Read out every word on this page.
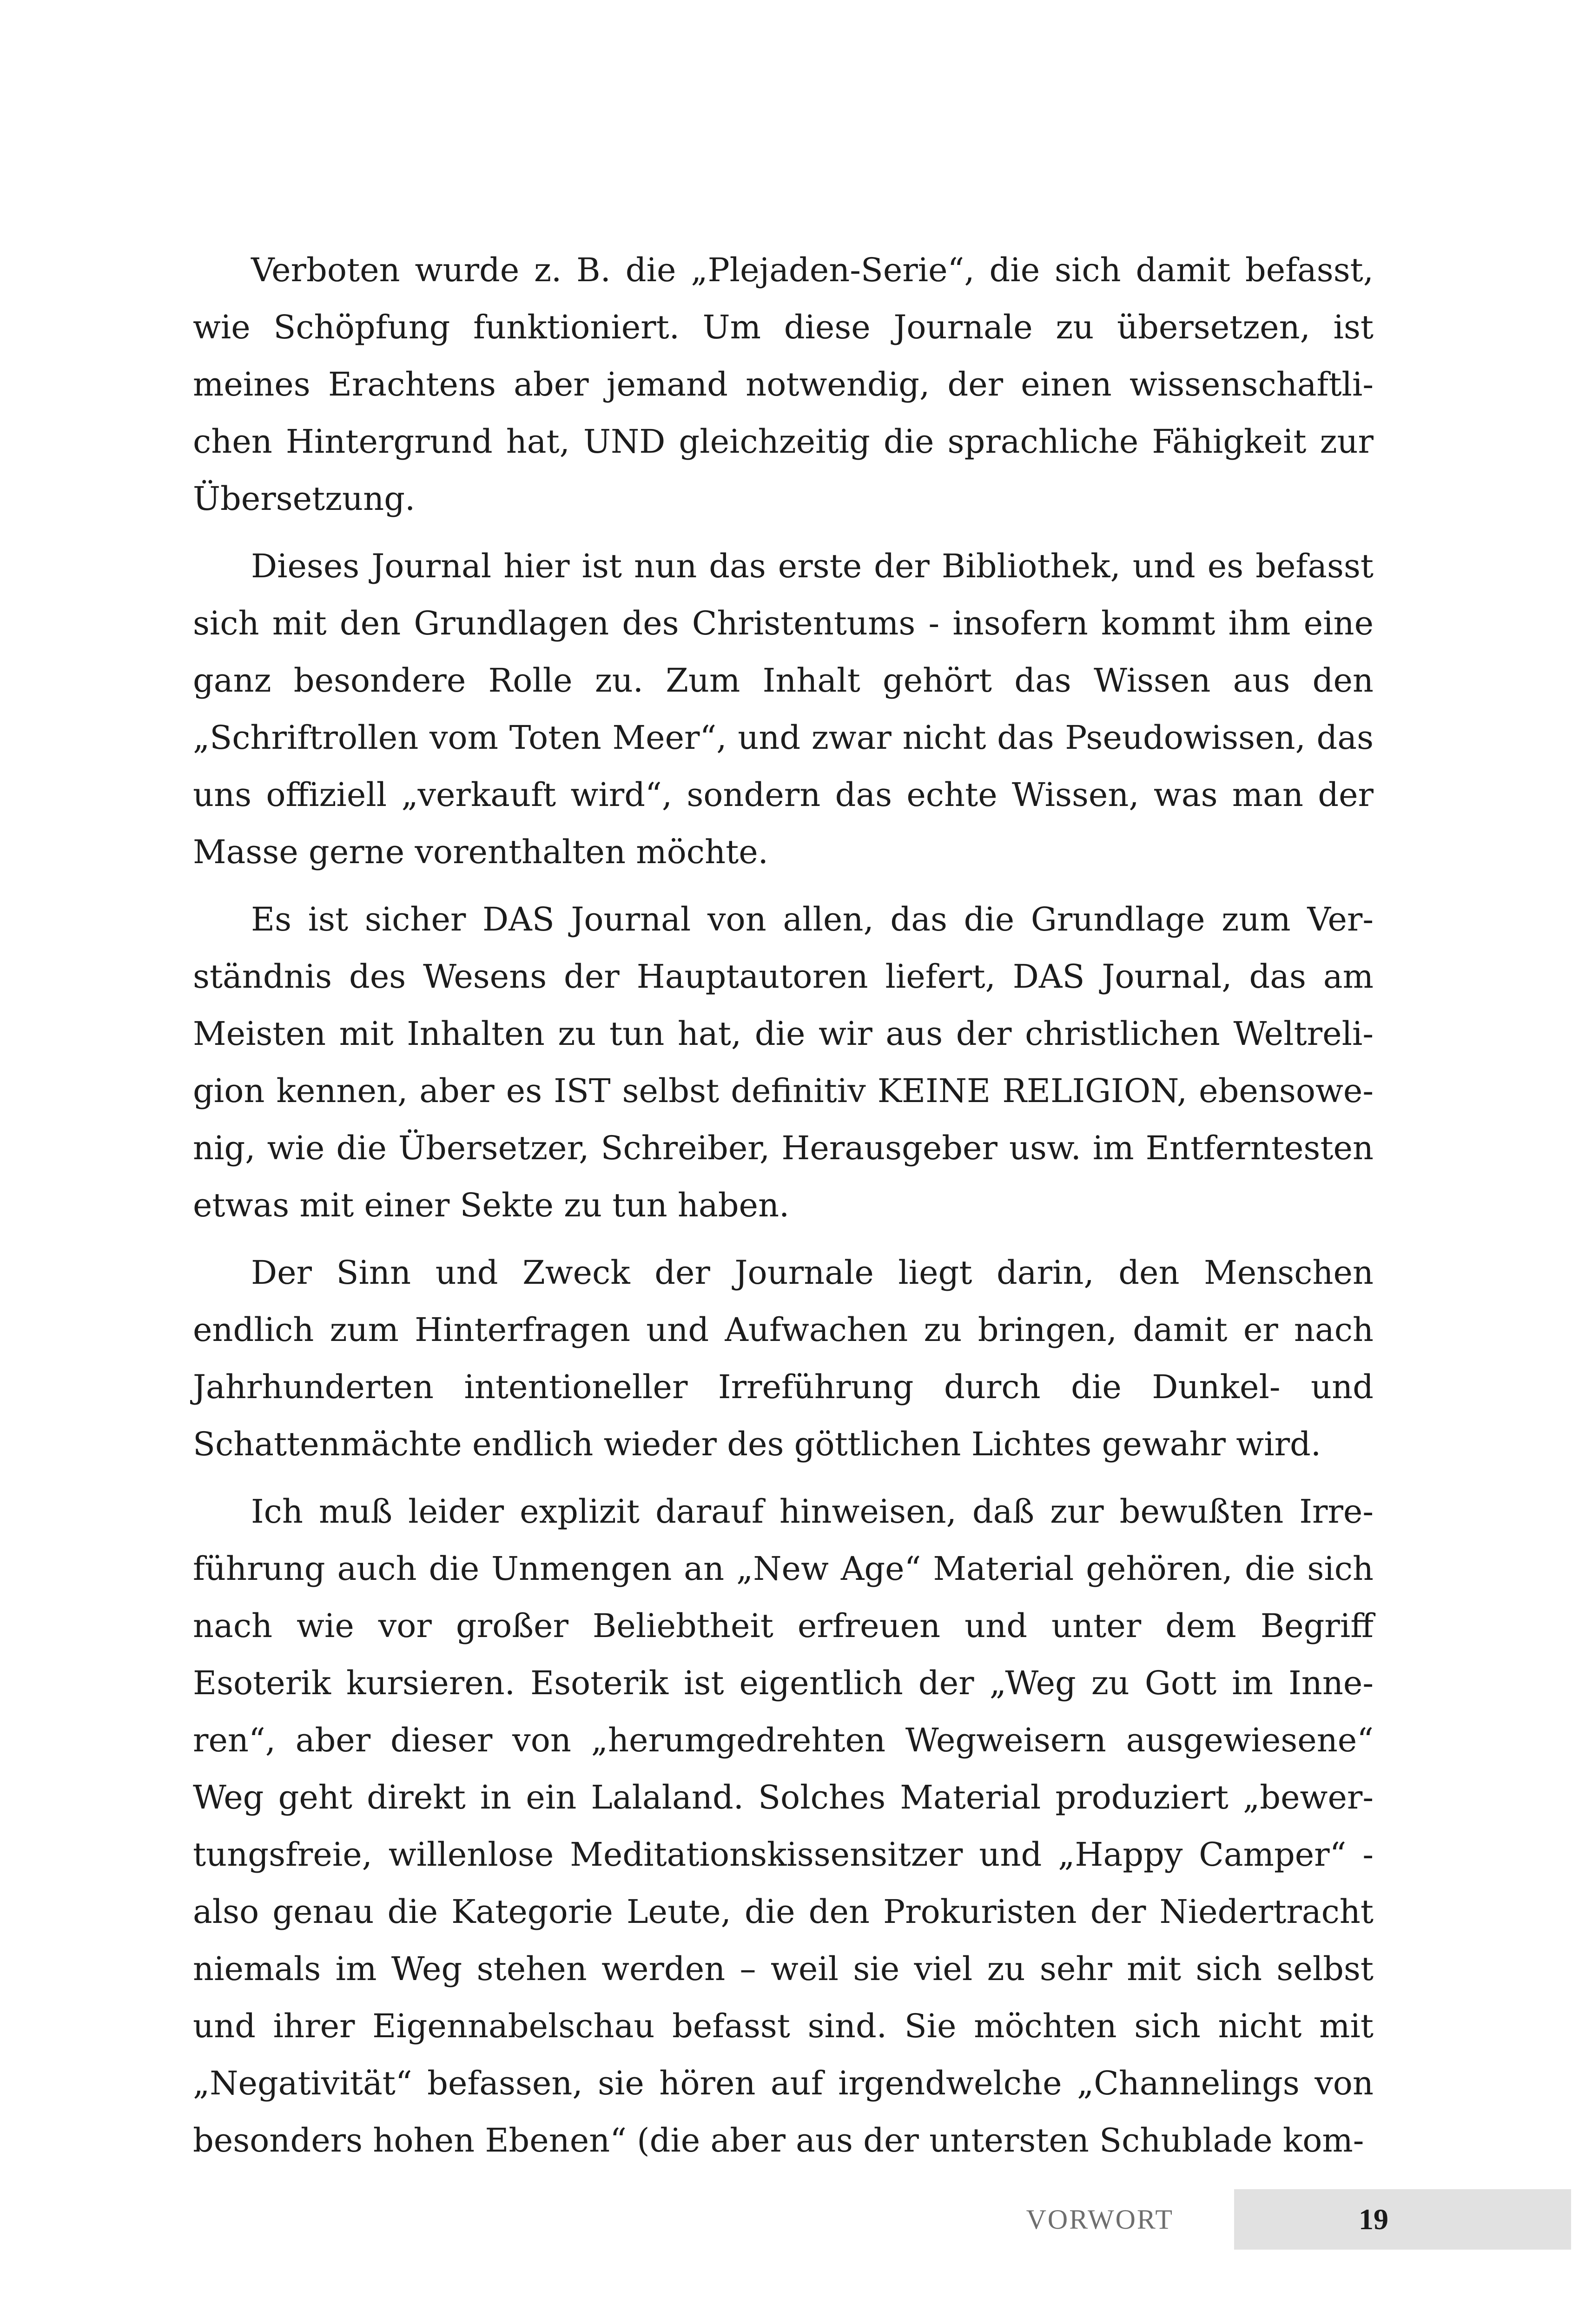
Verboten wurde z. B. die „Plejaden-Serie“, die sich damit befasst, wie Schöpfung funktioniert. Um diese Journale zu übersetzen, ist meines Erachtens aber jemand notwendig, der einen wissenschaftlichen Hintergrund hat, UND gleichzeitig die sprachliche Fähigkeit zur Übersetzung.

Dieses Journal hier ist nun das erste der Bibliothek, und es befasst sich mit den Grundlagen des Christentums - insofern kommt ihm eine ganz besondere Rolle zu. Zum Inhalt gehört das Wissen aus den „Schriftrollen vom Toten Meer“, und zwar nicht das Pseudowissen, das uns offiziell „verkauft wird“, sondern das echte Wissen, was man der Masse gerne vorenthalten möchte.

Es ist sicher DAS Journal von allen, das die Grundlage zum Verständnis des Wesens der Hauptautoren liefert, DAS Journal, das am Meisten mit Inhalten zu tun hat, die wir aus der christlichen Weltreligion kennen, aber es IST selbst definitiv KEINE RELIGION, ebensowenig, wie die Übersetzer, Schreiber, Herausgeber usw. im Entferntesten etwas mit einer Sekte zu tun haben.

Der Sinn und Zweck der Journale liegt darin, den Menschen endlich zum Hinterfragen und Aufwachen zu bringen, damit er nach Jahrhunderten intentioneller Irreführung durch die Dunkel- und Schattenmächte endlich wieder des göttlichen Lichtes gewahr wird.

Ich muß leider explizit darauf hinweisen, daß zur bewußten Irreführung auch die Unmengen an „New Age“ Material gehören, die sich nach wie vor großer Beliebtheit erfreuen und unter dem Begriff Esoterik kursieren. Esoterik ist eigentlich der „Weg zu Gott im Inneren“, aber dieser von „herumgedrehten Wegweisern ausgewiesene“ Weg geht direkt in ein Lalaland. Solches Material produziert „bewertungsfreie, willenlose Meditationskissensitzer und „Happy Camper“ - also genau die Kategorie Leute, die den Prokuristen der Niedertracht niemals im Weg stehen werden – weil sie viel zu sehr mit sich selbst und ihrer Eigennabelschau befasst sind. Sie möchten sich nicht mit „Negativität“ befassen, sie hören auf irgendwelche „Channelings von besonders hohen Ebenen“ (die aber aus der untersten Schublade kom-

VORWORT	19
